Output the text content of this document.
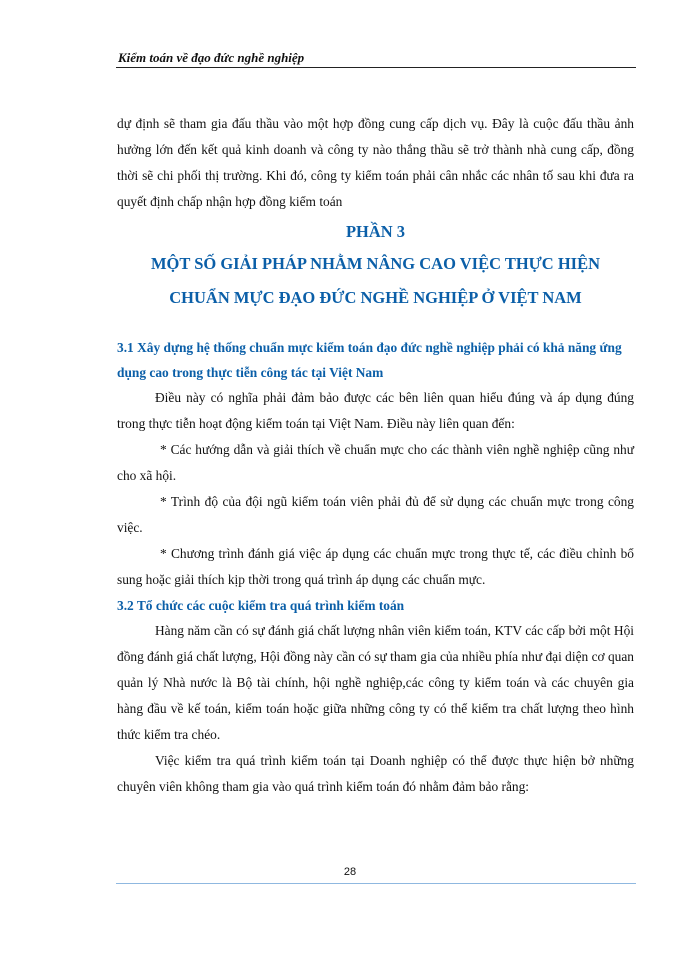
Kiểm toán về đạo đức nghề nghiệp

dự định sẽ tham gia đấu thầu vào một hợp đồng cung cấp dịch vụ. Đây là cuộc đấu thầu ảnh hưởng lớn đến kết quả kinh doanh và công ty nào thắng thầu sẽ trở thành nhà cung cấp, đồng thời sẽ chi phối thị trường. Khi đó, công ty kiểm toán phải cân nhắc các nhân tố sau khi đưa ra quyết định chấp nhận hợp đồng kiểm toán

PHẦN 3
MỘT SỐ GIẢI PHÁP NHẰM NÂNG CAO VIỆC THỰC HIỆN
CHUẨN MỰC ĐẠO ĐỨC NGHỀ NGHIỆP Ở VIỆT NAM

3.1 Xây dựng hệ thống chuẩn mực kiểm toán đạo đức nghề nghiệp phải có khả năng ứng dụng cao trong thực tiễn công tác tại Việt Nam

Điều này có nghĩa phải đảm bảo được các bên liên quan hiểu đúng và áp dụng đúng trong thực tiễn hoạt động kiểm toán tại Việt Nam. Điều này liên quan đến:

* Các hướng dẫn và giải thích về chuẩn mực cho các thành viên nghề nghiệp cũng như cho xã hội.

* Trình độ của đội ngũ kiểm toán viên phải đủ để sử dụng các chuẩn mực trong công việc.

* Chương trình đánh giá việc áp dụng các chuẩn mực trong thực tế, các điều chỉnh bổ sung hoặc giải thích kịp thời trong quá trình áp dụng các chuẩn mực.

3.2 Tổ chức các cuộc kiểm tra quá trình kiểm toán

Hàng năm cần có sự đánh giá chất lượng nhân viên kiểm toán, KTV các cấp bởi một Hội đồng đánh giá chất lượng, Hội đồng này cần có sự tham gia của nhiều phía như đại diện cơ quan quản lý Nhà nước là Bộ tài chính, hội nghề nghiệp,các công ty kiểm toán và các chuyên gia hàng đầu về kế toán, kiểm toán hoặc giữa những công ty có thể kiểm tra chất lượng theo hình thức kiểm tra chéo.

Việc kiểm tra quá trình kiểm toán tại Doanh nghiệp có thể được thực hiện bở những chuyên viên không tham gia vào quá trình kiểm toán đó nhằm đảm bảo rằng:

28
